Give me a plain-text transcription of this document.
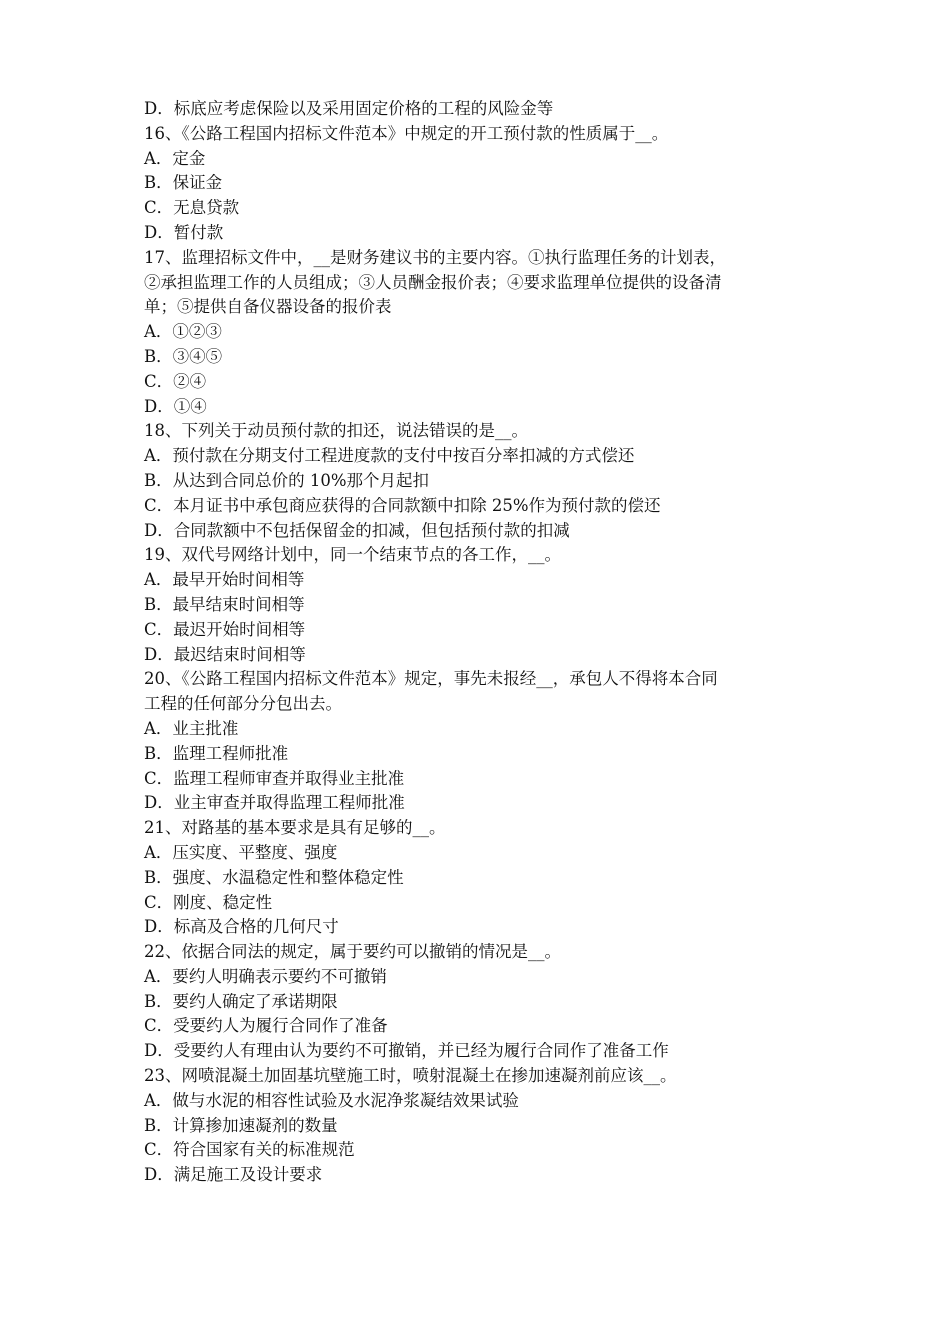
D．标底应考虑保险以及采用固定价格的工程的风险金等
16、《公路工程国内招标文件范本》中规定的开工预付款的性质属于__。
A．定金
B．保证金
C．无息贷款
D．暂付款
17、监理招标文件中，__是财务建议书的主要内容。①执行监理任务的计划表，
②承担监理工作的人员组成；③人员酬金报价表；④要求监理单位提供的设备清
单；⑤提供自备仪器设备的报价表
A．①②③
B．③④⑤
C．②④
D．①④
18、下列关于动员预付款的扣还，说法错误的是__。
A．预付款在分期支付工程进度款的支付中按百分率扣减的方式偿还
B．从达到合同总价的 10%那个月起扣
C．本月证书中承包商应获得的合同款额中扣除 25%作为预付款的偿还
D．合同款额中不包括保留金的扣减，但包括预付款的扣减
19、双代号网络计划中，同一个结束节点的各工作，__。
A．最早开始时间相等
B．最早结束时间相等
C．最迟开始时间相等
D．最迟结束时间相等
20、《公路工程国内招标文件范本》规定，事先未报经__，承包人不得将本合同
工程的任何部分分包出去。
A．业主批准
B．监理工程师批准
C．监理工程师审查并取得业主批准
D．业主审查并取得监理工程师批准
21、对路基的基本要求是具有足够的__。
A．压实度、平整度、强度
B．强度、水温稳定性和整体稳定性
C．刚度、稳定性
D．标高及合格的几何尺寸
22、依据合同法的规定，属于要约可以撤销的情况是__。
A．要约人明确表示要约不可撤销
B．要约人确定了承诺期限
C．受要约人为履行合同作了准备
D．受要约人有理由认为要约不可撤销，并已经为履行合同作了准备工作
23、网喷混凝土加固基坑壁施工时，喷射混凝土在掺加速凝剂前应该__。
A．做与水泥的相容性试验及水泥净浆凝结效果试验
B．计算掺加速凝剂的数量
C．符合国家有关的标准规范
D．满足施工及设计要求
